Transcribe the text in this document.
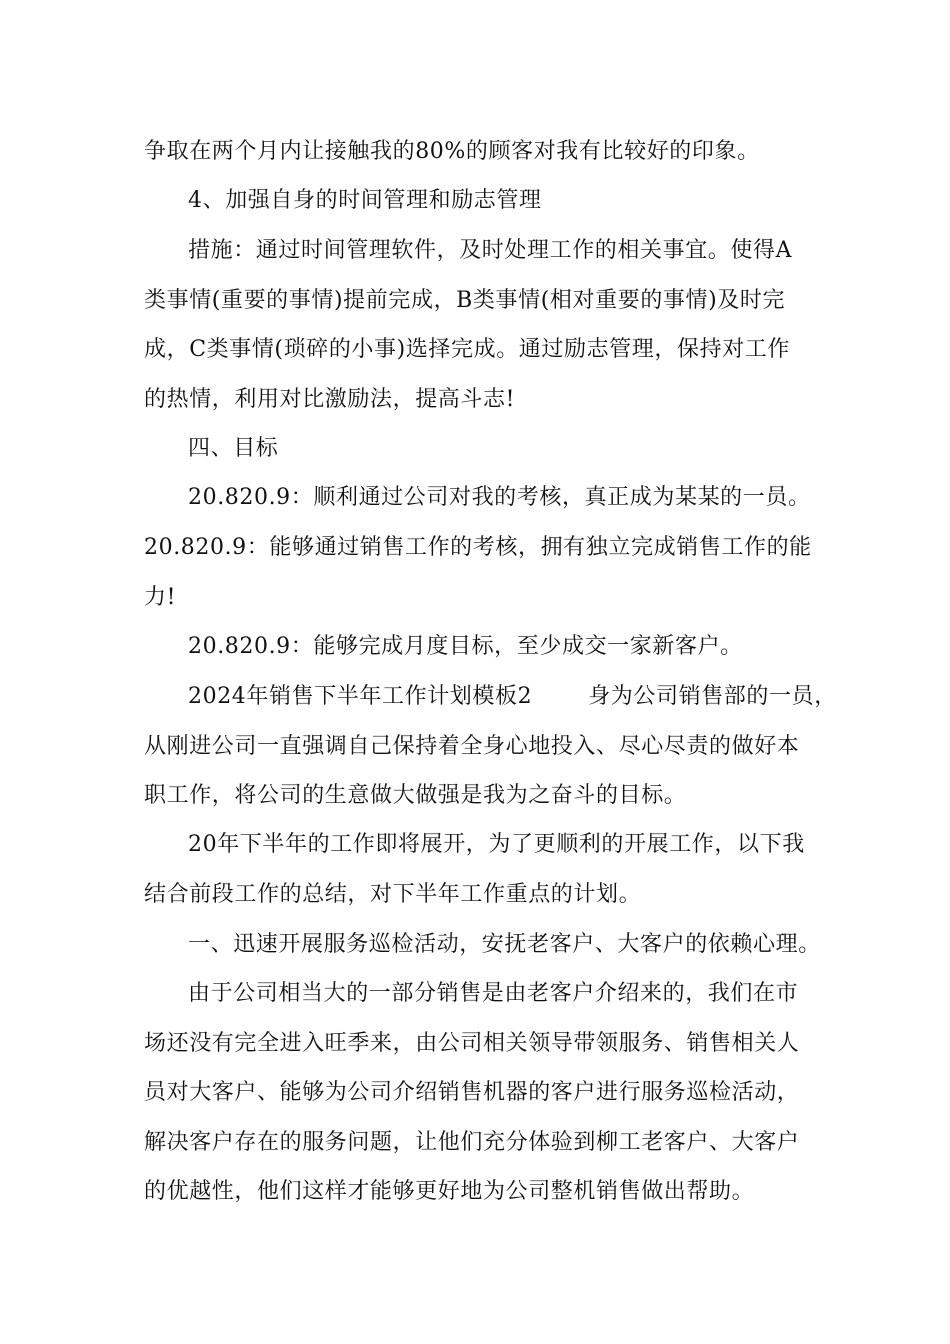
争取在两个月内让接触我的80%的顾客对我有比较好的印象。
4、加强自身的时间管理和励志管理
措施：通过时间管理软件，及时处理工作的相关事宜。使得A
类事情(重要的事情)提前完成，B类事情(相对重要的事情)及时完
成，C类事情(琐碎的小事)选择完成。通过励志管理，保持对工作
的热情，利用对比激励法，提高斗志!
四、目标
20.820.9：顺利通过公司对我的考核，真正成为某某的一员。
20.820.9：能够通过销售工作的考核，拥有独立完成销售工作的能
力!
20.820.9：能够完成月度目标，至少成交一家新客户。
2024年销售下半年工作计划模板2	身为公司销售部的一员，
从刚进公司一直强调自己保持着全身心地投入、尽心尽责的做好本
职工作，将公司的生意做大做强是我为之奋斗的目标。
20年下半年的工作即将展开，为了更顺利的开展工作，以下我
结合前段工作的总结，对下半年工作重点的计划。
一、迅速开展服务巡检活动，安抚老客户、大客户的依赖心理。
由于公司相当大的一部分销售是由老客户介绍来的，我们在市
场还没有完全进入旺季来，由公司相关领导带领服务、销售相关人
员对大客户、能够为公司介绍销售机器的客户进行服务巡检活动，
解决客户存在的服务问题，让他们充分体验到柳工老客户、大客户
的优越性，他们这样才能够更好地为公司整机销售做出帮助。
